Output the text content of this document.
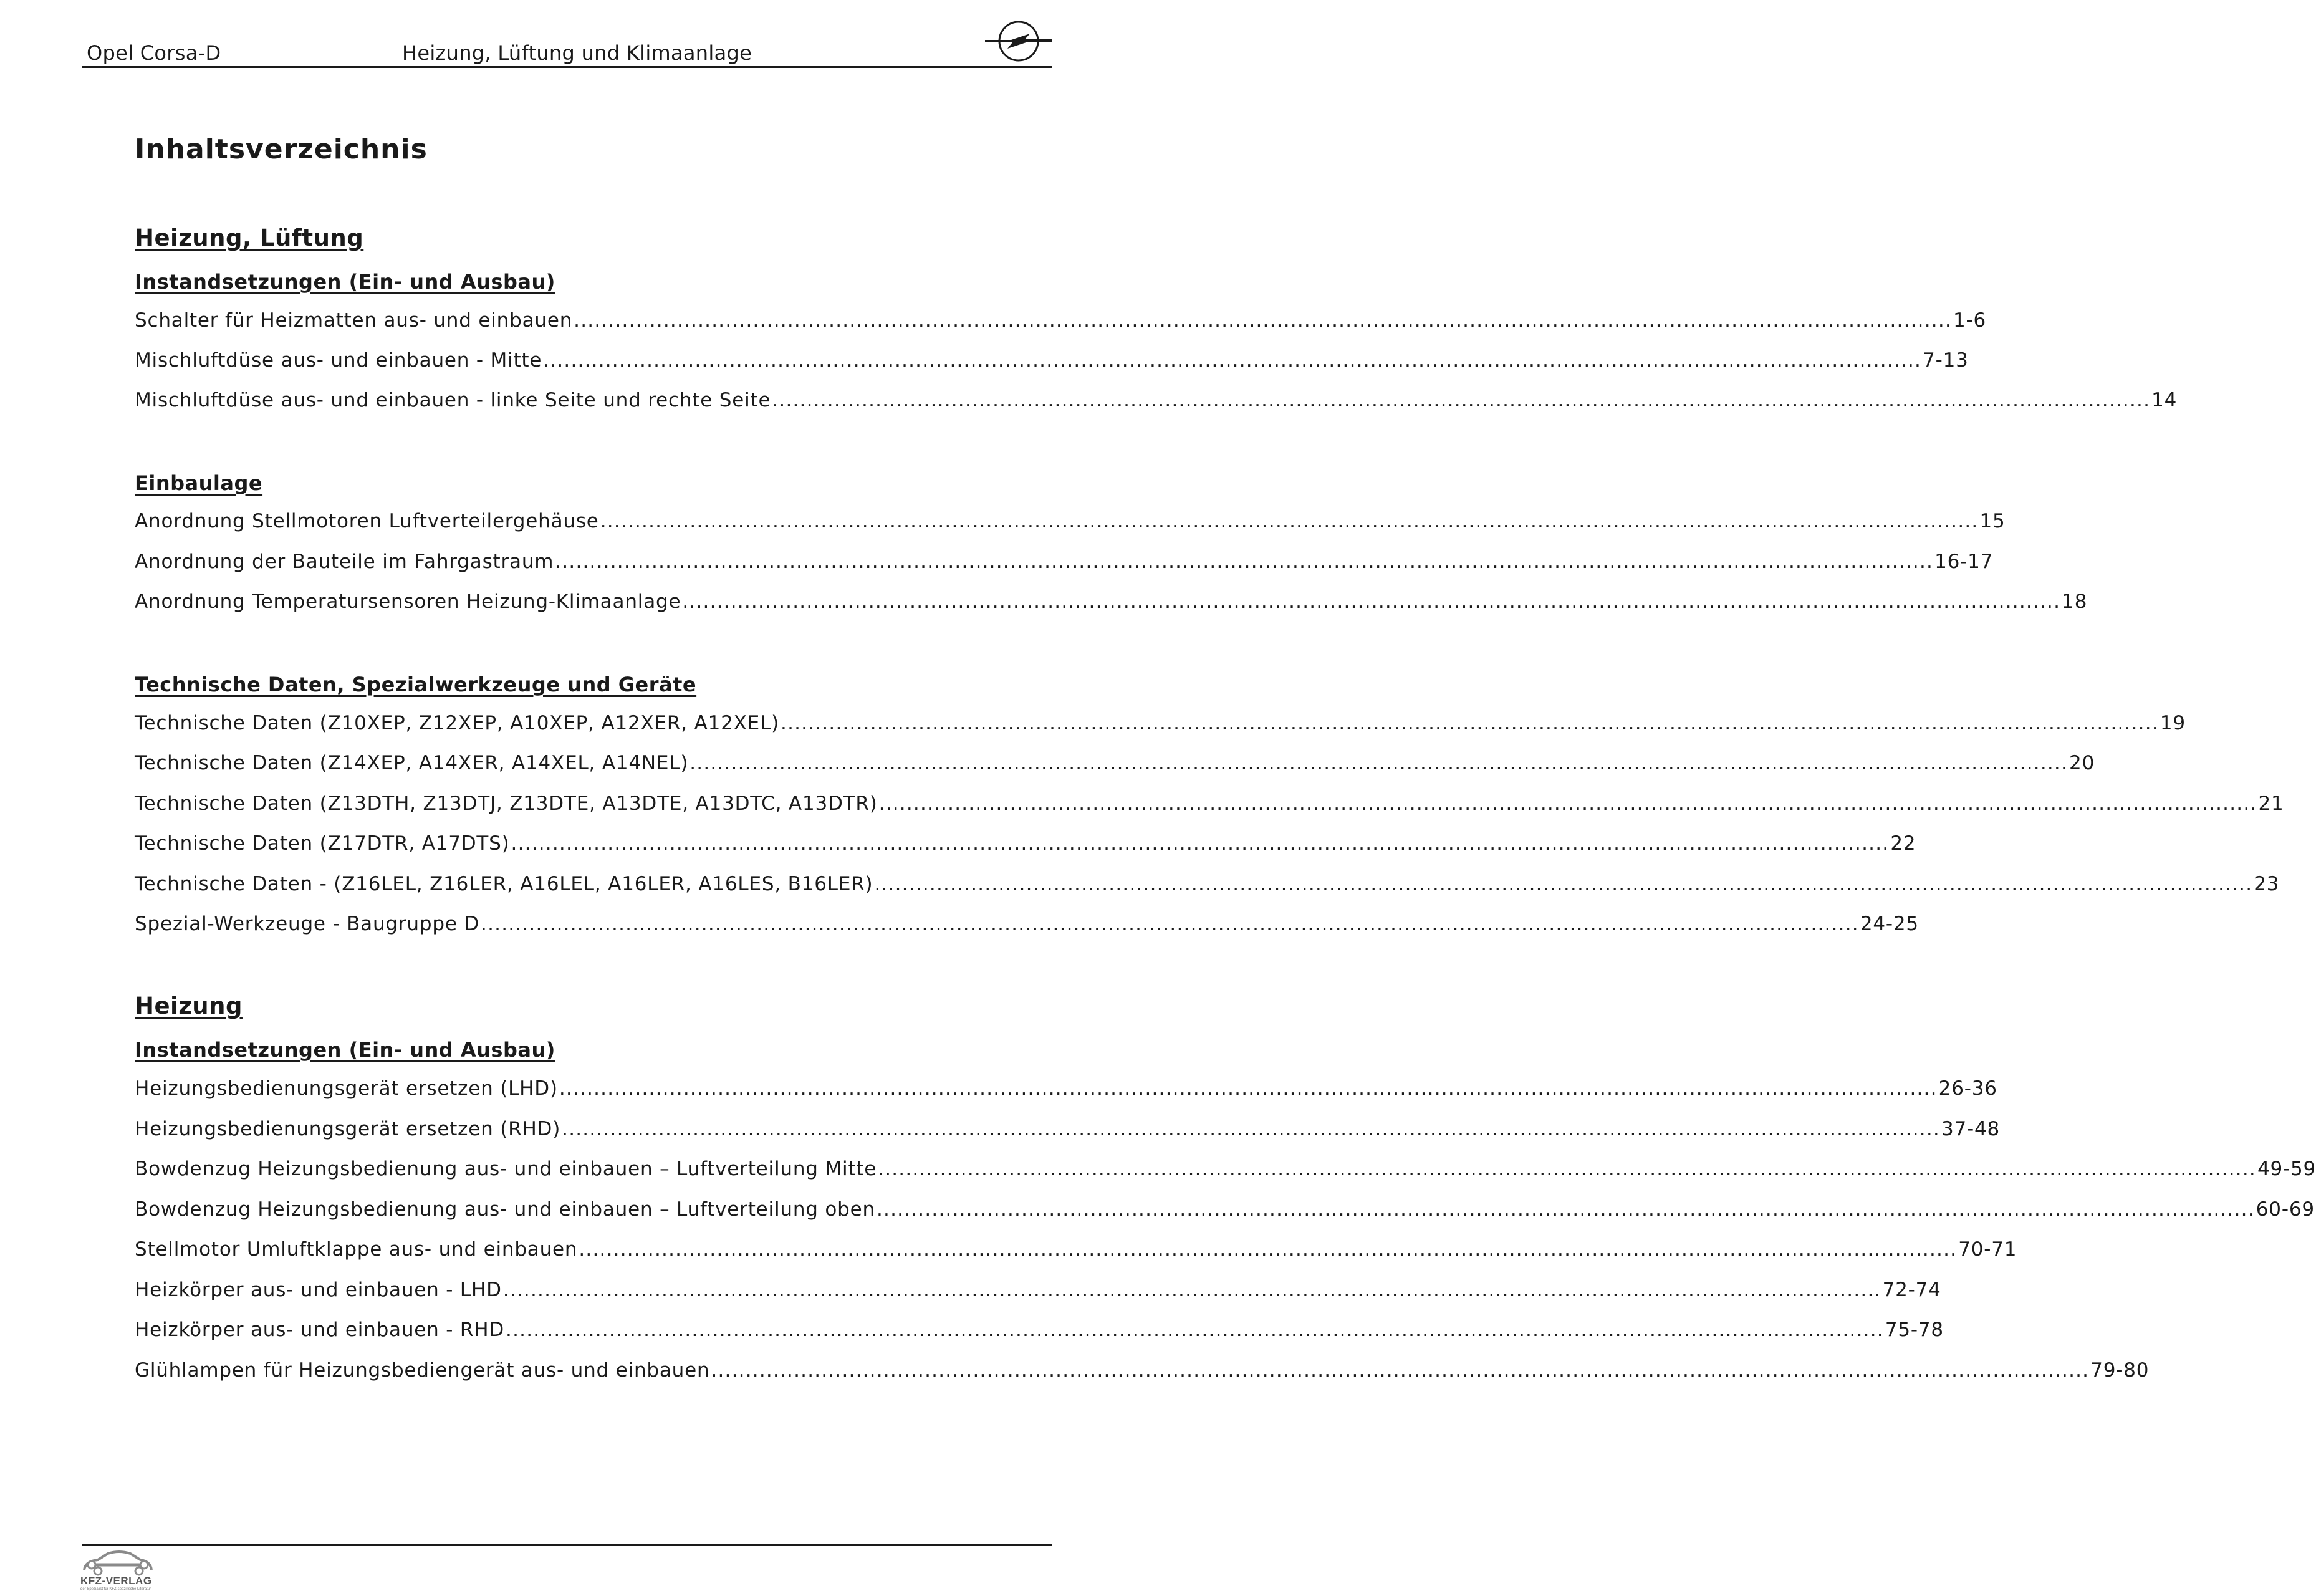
Opel Corsa-D	Heizung, Lüftung und Klimaanlage
Inhaltsverzeichnis
Heizung, Lüftung
Instandsetzungen (Ein- und Ausbau)
Schalter für Heizmatten aus- und einbauen ........................................................................................................................................................................................................ 1-6
Mischluftdüse aus- und einbauen - Mitte ........................................................................................................................................................................................................ 7-13
Mischluftdüse aus- und einbauen - linke Seite und rechte Seite ........................................................................................................................................................................................................ 14
Einbaulage
Anordnung Stellmotoren Luftverteilergehäuse ........................................................................................................................................................................................................ 15
Anordnung der Bauteile im Fahrgastraum ........................................................................................................................................................................................................ 16-17
Anordnung Temperatursensoren Heizung-Klimaanlage ........................................................................................................................................................................................................ 18
Technische Daten, Spezialwerkzeuge und Geräte
Technische Daten (Z10XEP, Z12XEP, A10XEP, A12XER, A12XEL) ........................................................................................................................................................................................................ 19
Technische Daten (Z14XEP, A14XER, A14XEL, A14NEL) ........................................................................................................................................................................................................ 20
Technische Daten (Z13DTH, Z13DTJ, Z13DTE, A13DTE, A13DTC, A13DTR) ........................................................................................................................................................................................................ 21
Technische Daten (Z17DTR, A17DTS) ........................................................................................................................................................................................................ 22
Technische Daten - (Z16LEL, Z16LER, A16LEL, A16LER, A16LES, B16LER) ........................................................................................................................................................................................................ 23
Spezial-Werkzeuge - Baugruppe D ........................................................................................................................................................................................................ 24-25
Heizung
Instandsetzungen (Ein- und Ausbau)
Heizungsbedienungsgerät ersetzen (LHD) ........................................................................................................................................................................................................ 26-36
Heizungsbedienungsgerät ersetzen (RHD) ........................................................................................................................................................................................................ 37-48
Bowdenzug Heizungsbedienung aus- und einbauen – Luftverteilung Mitte ........................................................................................................................................................................................................ 49-59
Bowdenzug Heizungsbedienung aus- und einbauen – Luftverteilung oben ........................................................................................................................................................................................................ 60-69
Stellmotor Umluftklappe aus- und einbauen ........................................................................................................................................................................................................ 70-71
Heizkörper aus- und einbauen - LHD ........................................................................................................................................................................................................ 72-74
Heizkörper aus- und einbauen - RHD ........................................................................................................................................................................................................ 75-78
Glühlampen für Heizungsbediengerät aus- und einbauen ........................................................................................................................................................................................................ 79-80
KFZ-VERLAG
der Spezialist für KFZ-spezifische Literatur
